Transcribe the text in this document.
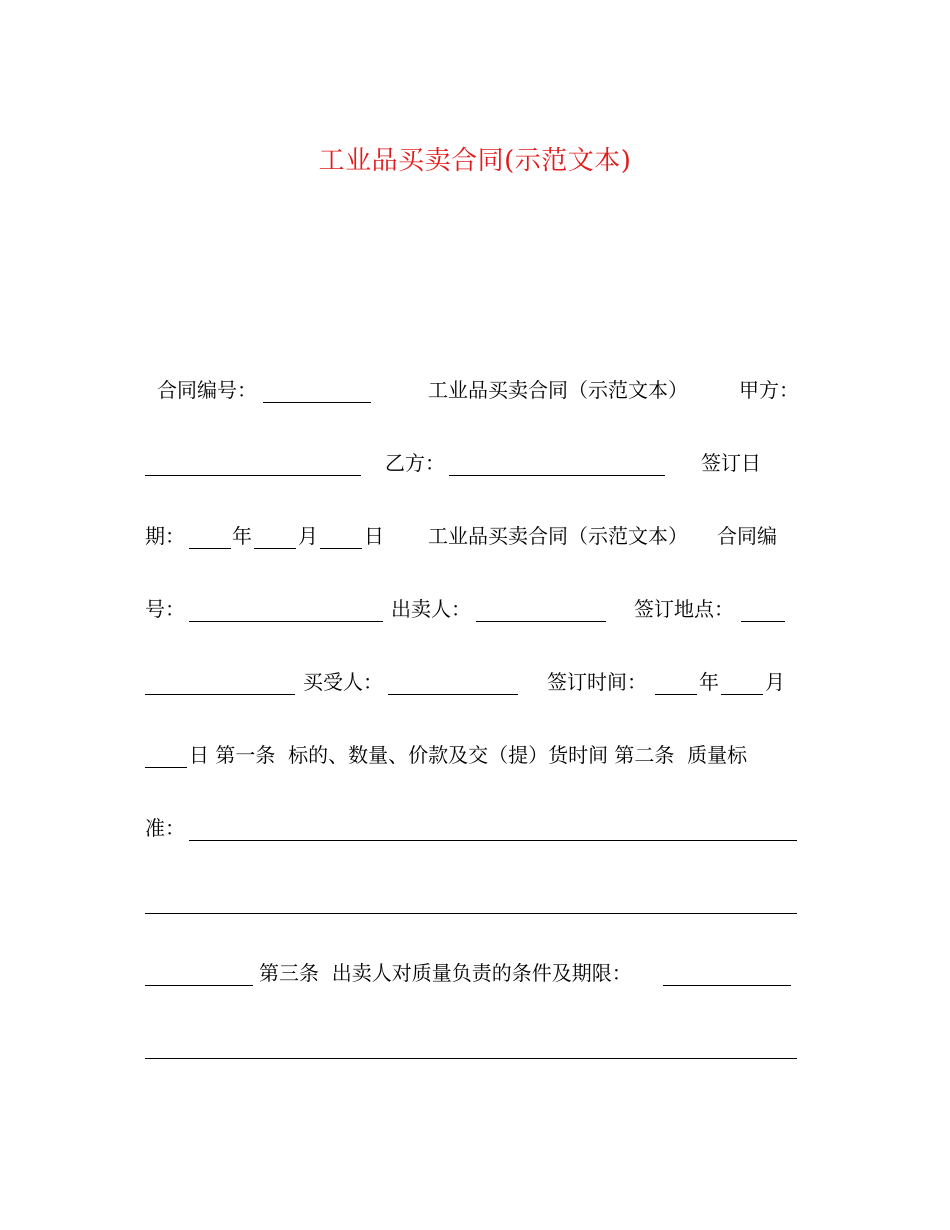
工业品买卖合同(示范文本)
合同编号：	工业品买卖合同（示范文本）	甲方：
乙方：	签订日
期： 年 月 日 工业品买卖合同（示范文本） 合同编
号：	出卖人：	签订地点：
买受人：	签订时间：	年 月
日 第一条  标的、数量、价款及交（提）货时间 第二条  质量标
准：
第三条  出卖人对质量负责的条件及期限：
